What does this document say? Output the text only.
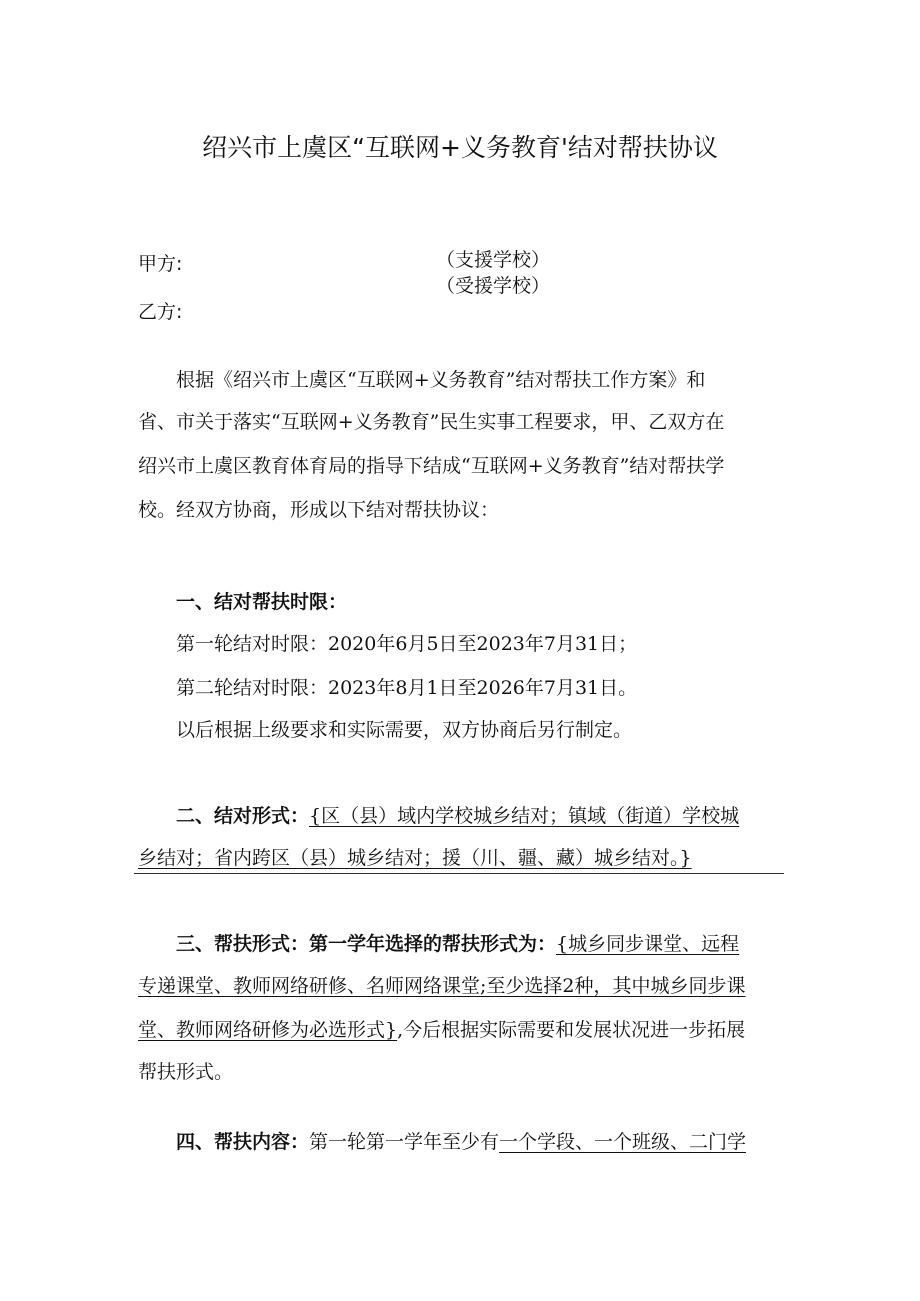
绍兴市上虞区“互联网+义务教育'结对帮扶协议
甲方:	（支援学校）
（受援学校）
乙方:
根据《绍兴市上虞区“互联网+义务教育”结对帮扶工作方案》和
省、市关于落实“互联网+义务教育”民生实事工程要求，甲、乙双方在
绍兴市上虞区教育体育局的指导下结成“互联网+义务教育”结对帮扶学
校。经双方协商，形成以下结对帮扶协议：
一、结对帮扶时限：
第一轮结对时限：2020年6月5日至2023年7月31日；
第二轮结对时限：2023年8月1日至2026年7月31日。
以后根据上级要求和实际需要，双方协商后另行制定。
二、结对形式：{区（县）域内学校城乡结对；镇域（街道）学校城
乡结对；省内跨区（县）城乡结对；援（川、疆、藏）城乡结对。}
三、帮扶形式：第一学年选择的帮扶形式为：{城乡同步课堂、远程
专递课堂、教师网络研修、名师网络课堂;至少选择2种，其中城乡同步课
堂、教师网络研修为必选形式},今后根据实际需要和发展状况进一步拓展
帮扶形式。
四、帮扶内容：第一轮第一学年至少有一个学段、一个班级、二门学
